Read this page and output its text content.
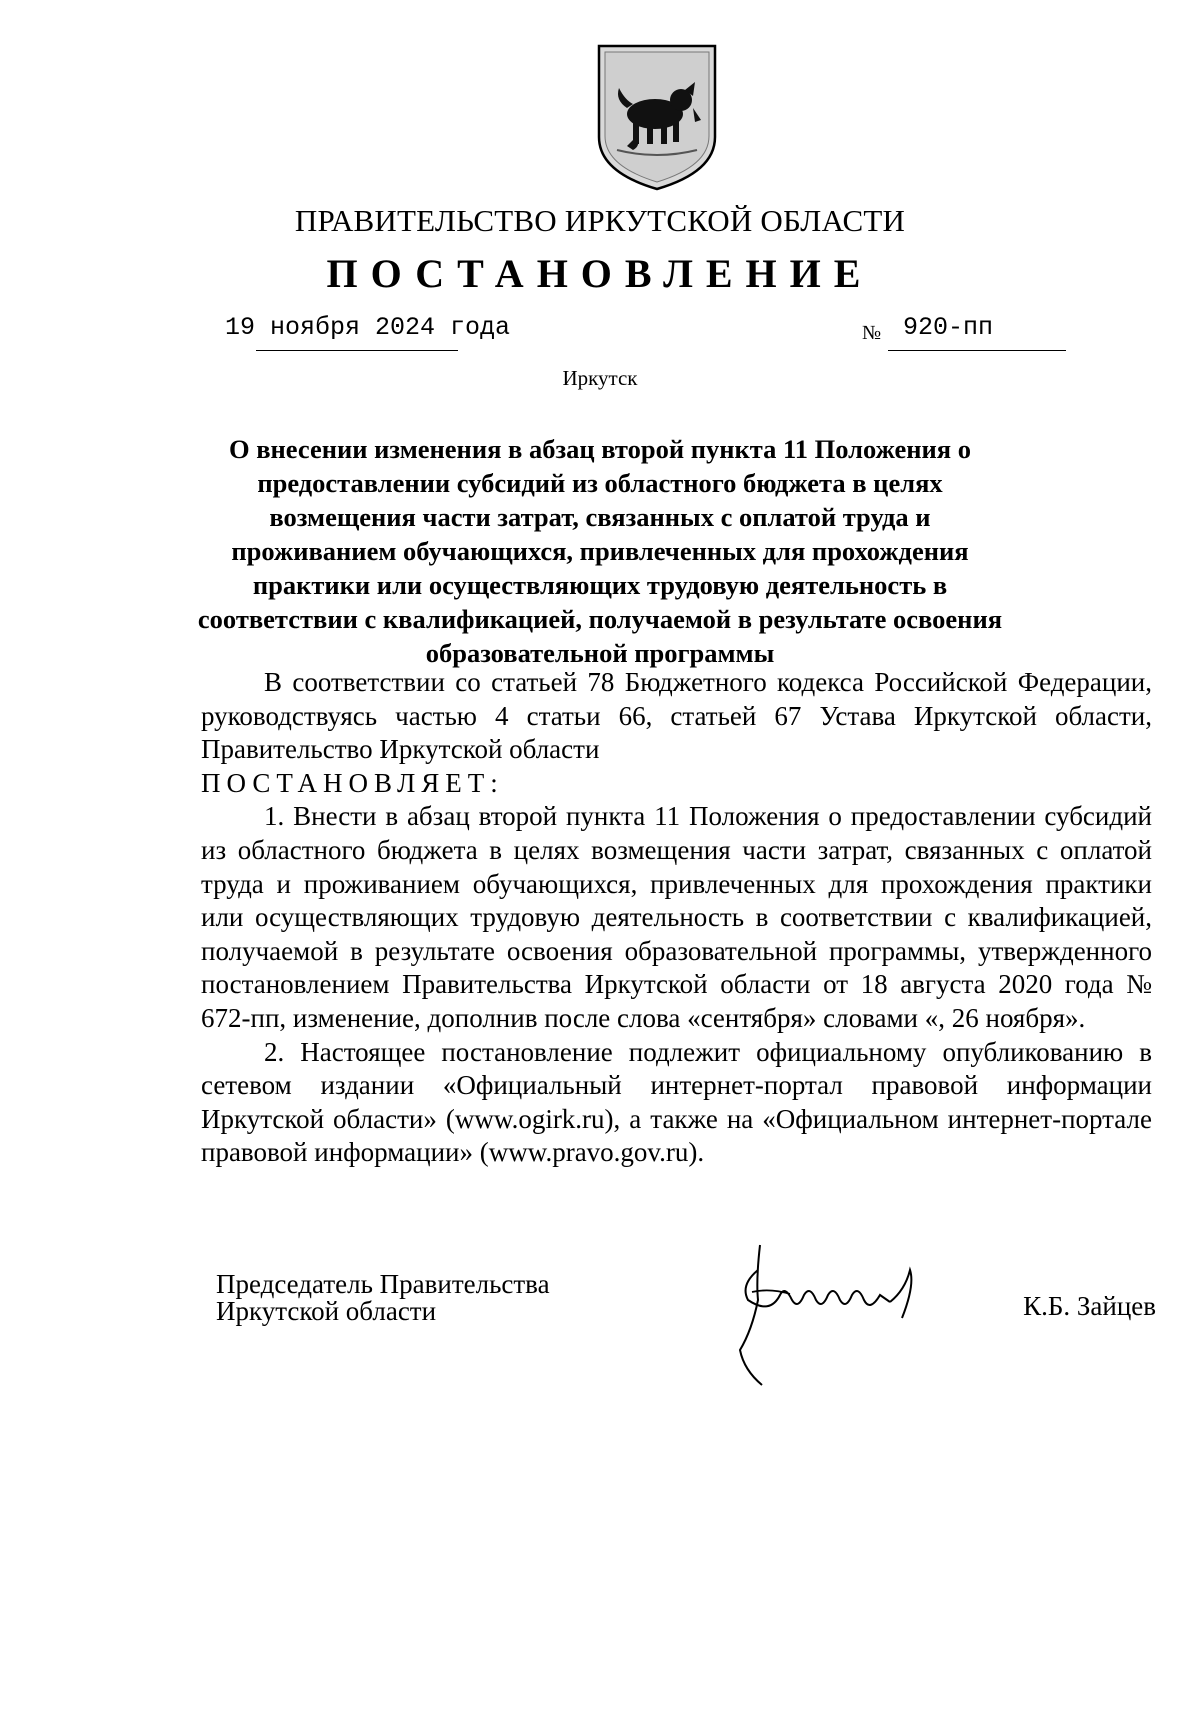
ПРАВИТЕЛЬСТВО ИРКУТСКОЙ ОБЛАСТИ
ПОСТАНОВЛЕНИЕ
19 ноября 2024 года	№ 920-пп
Иркутск
О внесении изменения в абзац второй пункта 11 Положения о предоставлении субсидий из областного бюджета в целях возмещения части затрат, связанных с оплатой труда и проживанием обучающихся, привлеченных для прохождения практики или осуществляющих трудовую деятельность в соответствии с квалификацией, получаемой в результате освоения образовательной программы

В соответствии со статьей 78 Бюджетного кодекса Российской Федерации, руководствуясь частью 4 статьи 66, статьей 67 Устава Иркутской области, Правительство Иркутской области

ПОСТАНОВЛЯЕТ:

1. Внести в абзац второй пункта 11 Положения о предоставлении субсидий из областного бюджета в целях возмещения части затрат, связанных с оплатой труда и проживанием обучающихся, привлеченных для прохождения практики или осуществляющих трудовую деятельность в соответствии с квалификацией, получаемой в результате освоения образовательной программы, утвержденного постановлением Правительства Иркутской области от 18 августа 2020 года № 672-пп, изменение, дополнив после слова «сентября» словами «, 26 ноября».

2. Настоящее постановление подлежит официальному опубликованию в сетевом издании «Официальный интернет-портал правовой информации Иркутской области» (www.ogirk.ru), а также на «Официальном интернет-портале правовой информации» (www.pravo.gov.ru).

Председатель Правительства
Иркутской области	К.Б. Зайцев
